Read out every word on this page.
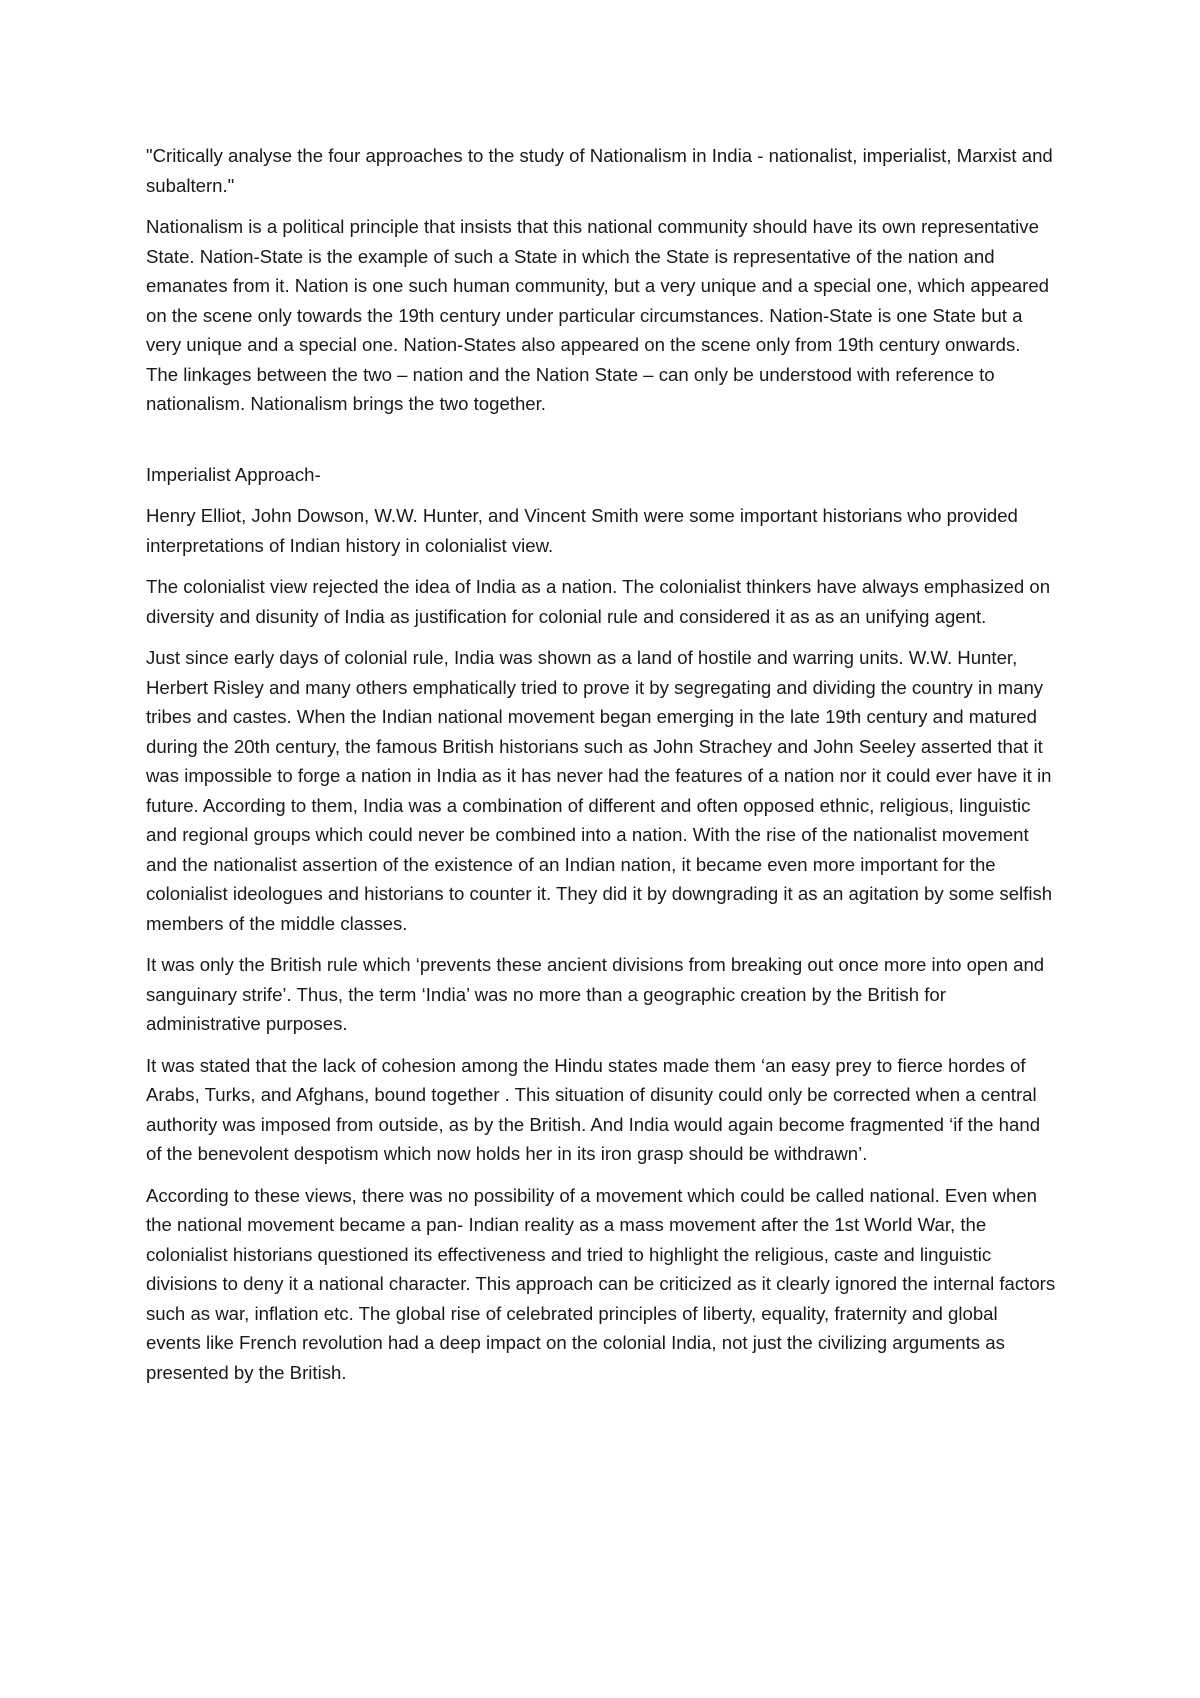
"Critically analyse the four approaches to the study of Nationalism in India - nationalist, imperialist, Marxist and subaltern."

Nationalism is a political principle that insists that this national community should have its own representative State. Nation-State is the example of such a State in which the State is representative of the nation and emanates from it. Nation is one such human community, but a very unique and a special one, which appeared on the scene only towards the 19th century under particular circumstances. Nation-State is one State but a very unique and a special one. Nation-States also appeared on the scene only from 19th century onwards. The linkages between the two – nation and the Nation State – can only be understood with reference to nationalism. Nationalism brings the two together.

Imperialist Approach-

Henry Elliot, John Dowson, W.W. Hunter, and Vincent Smith were some important historians who provided interpretations of Indian history in colonialist view.

The colonialist view rejected the idea of India as a nation. The colonialist thinkers have always emphasized on diversity and disunity of India as justification for colonial rule and considered it as as an unifying agent.

Just since early days of colonial rule, India was shown as a land of hostile and warring units. W.W. Hunter, Herbert Risley and many others emphatically tried to prove it by segregating and dividing the country in many tribes and castes. When the Indian national movement began emerging in the late 19th century and matured during the 20th century, the famous British historians such as John Strachey and John Seeley asserted that it was impossible to forge a nation in India as it has never had the features of a nation nor it could ever have it in future. According to them, India was a combination of different and often opposed ethnic, religious, linguistic and regional groups which could never be combined into a nation. With the rise of the nationalist movement and the nationalist assertion of the existence of an Indian nation, it became even more important for the colonialist ideologues and historians to counter it. They did it by downgrading it as an agitation by some selfish members of the middle classes.

It was only the British rule which ‘prevents these ancient divisions from breaking out once more into open and sanguinary strife’. Thus, the term ‘India’ was no more than a geographic creation by the British for administrative purposes.

It was stated that the lack of cohesion among the Hindu states made them ‘an easy prey to fierce hordes of Arabs, Turks, and Afghans, bound together . This situation of disunity could only be corrected when a central authority was imposed from outside, as by the British. And India would again become fragmented ‘if the hand of the benevolent despotism which now holds her in its iron grasp should be withdrawn’.

According to these views, there was no possibility of a movement which could be called national. Even when the national movement became a pan- Indian reality as a mass movement after the 1st World War, the colonialist historians questioned its effectiveness and tried to highlight the religious, caste and linguistic divisions to deny it a national character. This approach can be criticized as it clearly ignored the internal factors such as war, inflation etc. The global rise of celebrated principles of liberty, equality, fraternity and global events like French revolution had a deep impact on the colonial India, not just the civilizing arguments as presented by the British.
